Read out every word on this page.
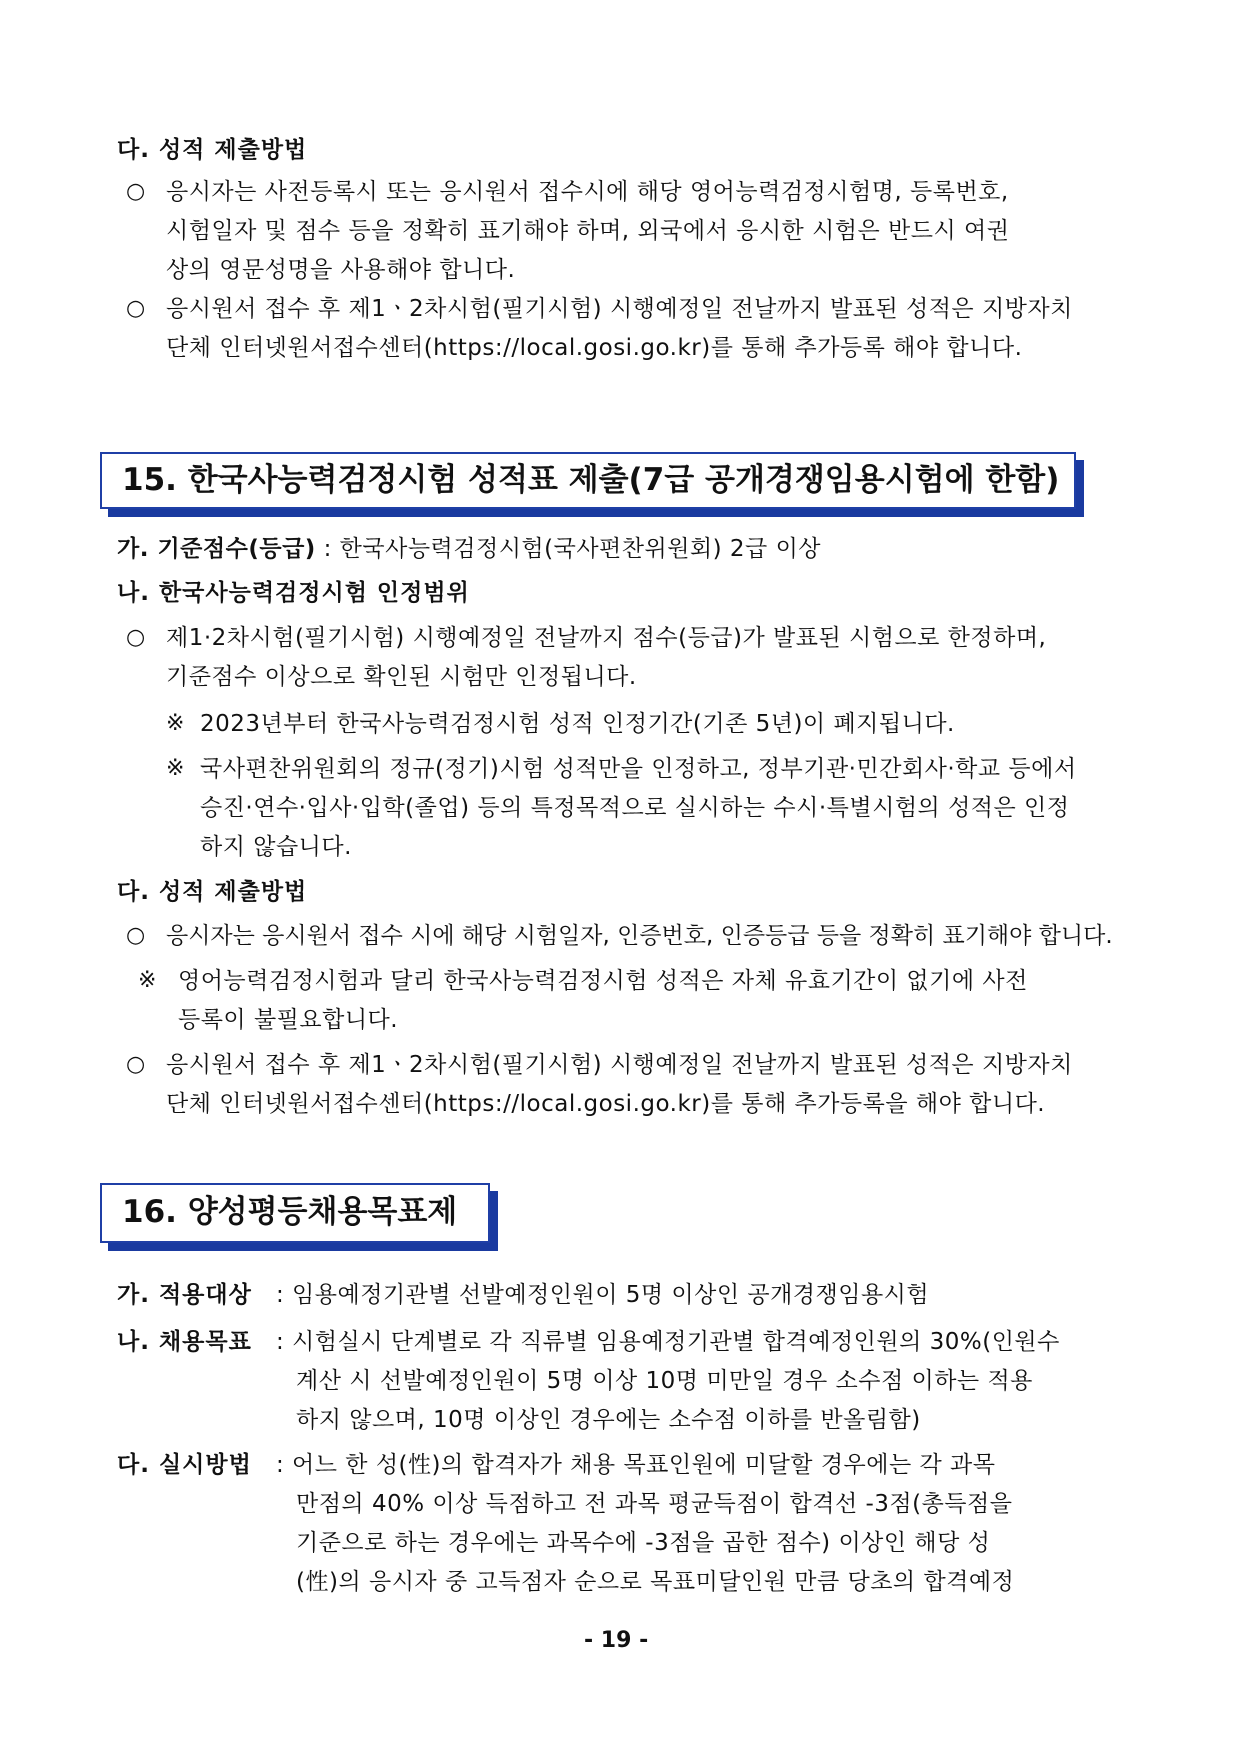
다. 성적 제출방법
○ 응시자는 사전등록시 또는 응시원서 접수시에 해당 영어능력검정시험명, 등록번호,
시험일자 및 점수 등을 정확히 표기해야 하며, 외국에서 응시한 시험은 반드시 여권
상의 영문성명을 사용해야 합니다.
○ 응시원서 접수 후 제1ㆍ2차시험(필기시험) 시행예정일 전날까지 발표된 성적은 지방자치
단체 인터넷원서접수센터(https://local.gosi.go.kr)를 통해 추가등록 해야 합니다.
15. 한국사능력검정시험 성적표 제출(7급 공개경쟁임용시험에 한함)
가. 기준점수(등급) : 한국사능력검정시험(국사편찬위원회) 2급 이상
나. 한국사능력검정시험 인정범위
○ 제1·2차시험(필기시험) 시행예정일 전날까지 점수(등급)가 발표된 시험으로 한정하며,
기준점수 이상으로 확인된 시험만 인정됩니다.
※ 2023년부터 한국사능력검정시험 성적 인정기간(기존 5년)이 폐지됩니다.
※ 국사편찬위원회의 정규(정기)시험 성적만을 인정하고, 정부기관·민간회사·학교 등에서
승진·연수·입사·입학(졸업) 등의 특정목적으로 실시하는 수시·특별시험의 성적은 인정
하지 않습니다.
다. 성적 제출방법
○ 응시자는 응시원서 접수 시에 해당 시험일자, 인증번호, 인증등급 등을 정확히 표기해야 합니다.
※ 영어능력검정시험과 달리 한국사능력검정시험 성적은 자체 유효기간이 없기에 사전
등록이 불필요합니다.
○ 응시원서 접수 후 제1ㆍ2차시험(필기시험) 시행예정일 전날까지 발표된 성적은 지방자치
단체 인터넷원서접수센터(https://local.gosi.go.kr)를 통해 추가등록을 해야 합니다.
16. 양성평등채용목표제
가. 적용대상 : 임용예정기관별 선발예정인원이 5명 이상인 공개경쟁임용시험
나. 채용목표 : 시험실시 단계별로 각 직류별 임용예정기관별 합격예정인원의 30%(인원수
계산 시 선발예정인원이 5명 이상 10명 미만일 경우 소수점 이하는 적용
하지 않으며, 10명 이상인 경우에는 소수점 이하를 반올림함)
다. 실시방법 : 어느 한 성(性)의 합격자가 채용 목표인원에 미달할 경우에는 각 과목
만점의 40% 이상 득점하고 전 과목 평균득점이 합격선 -3점(총득점을
기준으로 하는 경우에는 과목수에 -3점을 곱한 점수) 이상인 해당 성
(性)의 응시자 중 고득점자 순으로 목표미달인원 만큼 당초의 합격예정
- 19 -
